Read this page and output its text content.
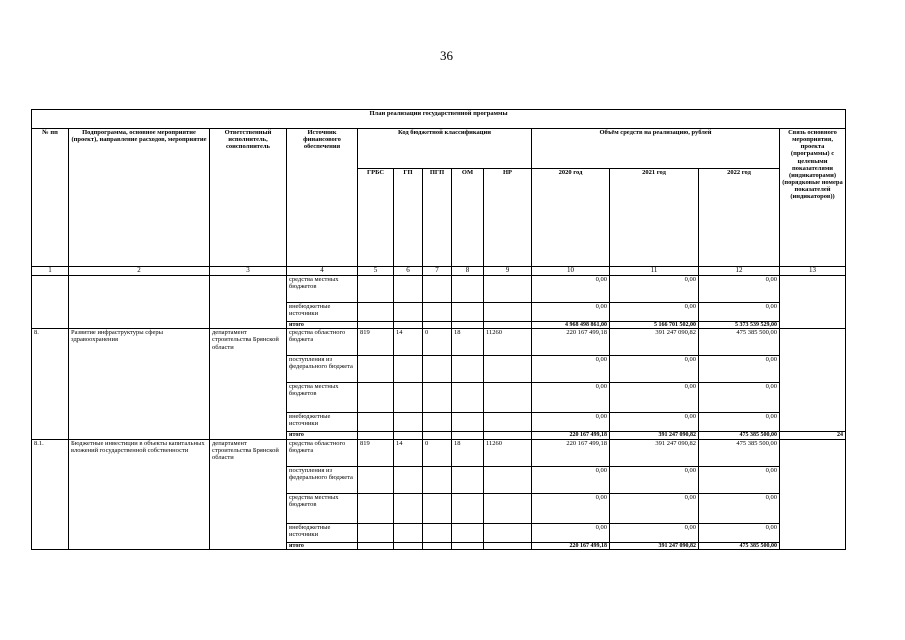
36
План реализации государственной программы												
№ пп	Подпрограмма, основное мероприятие (проект), направление расходов, мероприятие	Ответственный исполнитель, соисполнитель	Источник финансового обеспечения	Код бюджетной классификации					Объём средств на реализацию, рублей			Связь основного мероприятия, проекта (программы) с целевыми показателями (индикаторами) (порядковые номера показателей (индикаторов))
				ГРБС	ГП	ПГП	ОМ	НР	2020 год	2021 год	2022 год	
1	2	3	4	5	6	7	8	9	10	11	12	13
			средства местных бюджетов						0,00	0,00	0,00	
			внебюджетные источники						0,00	0,00	0,00	
			итого						4 968 498 861,00	5 166 701 502,00	5 373 539 529,00	
8.	Развитие инфраструктуры сферы здравоохранения	департамент строительства Брянской области	средства областного бюджета	819	14	0	18	11260	220 167 499,18	391 247 090,82	475 385 500,00	
			поступления из федерального бюджета						0,00	0,00	0,00	
			средства местных бюджетов						0,00	0,00	0,00	
			внебюджетные источники						0,00	0,00	0,00	
			итого						220 167 499,18	391 247 090,82	475 385 500,00	24
8.1.	Бюджетные инвестиции в объекты капитальных вложений государственной собственности	департамент строительства Брянской области	средства областного бюджета	819	14	0	18	11260	220 167 499,18	391 247 090,82	475 385 500,00	
			поступления из федерального бюджета						0,00	0,00	0,00	
			средства местных бюджетов						0,00	0,00	0,00	
			внебюджетные источники						0,00	0,00	0,00	
			итого						220 167 499,18	391 247 090,82	475 385 500,00	
